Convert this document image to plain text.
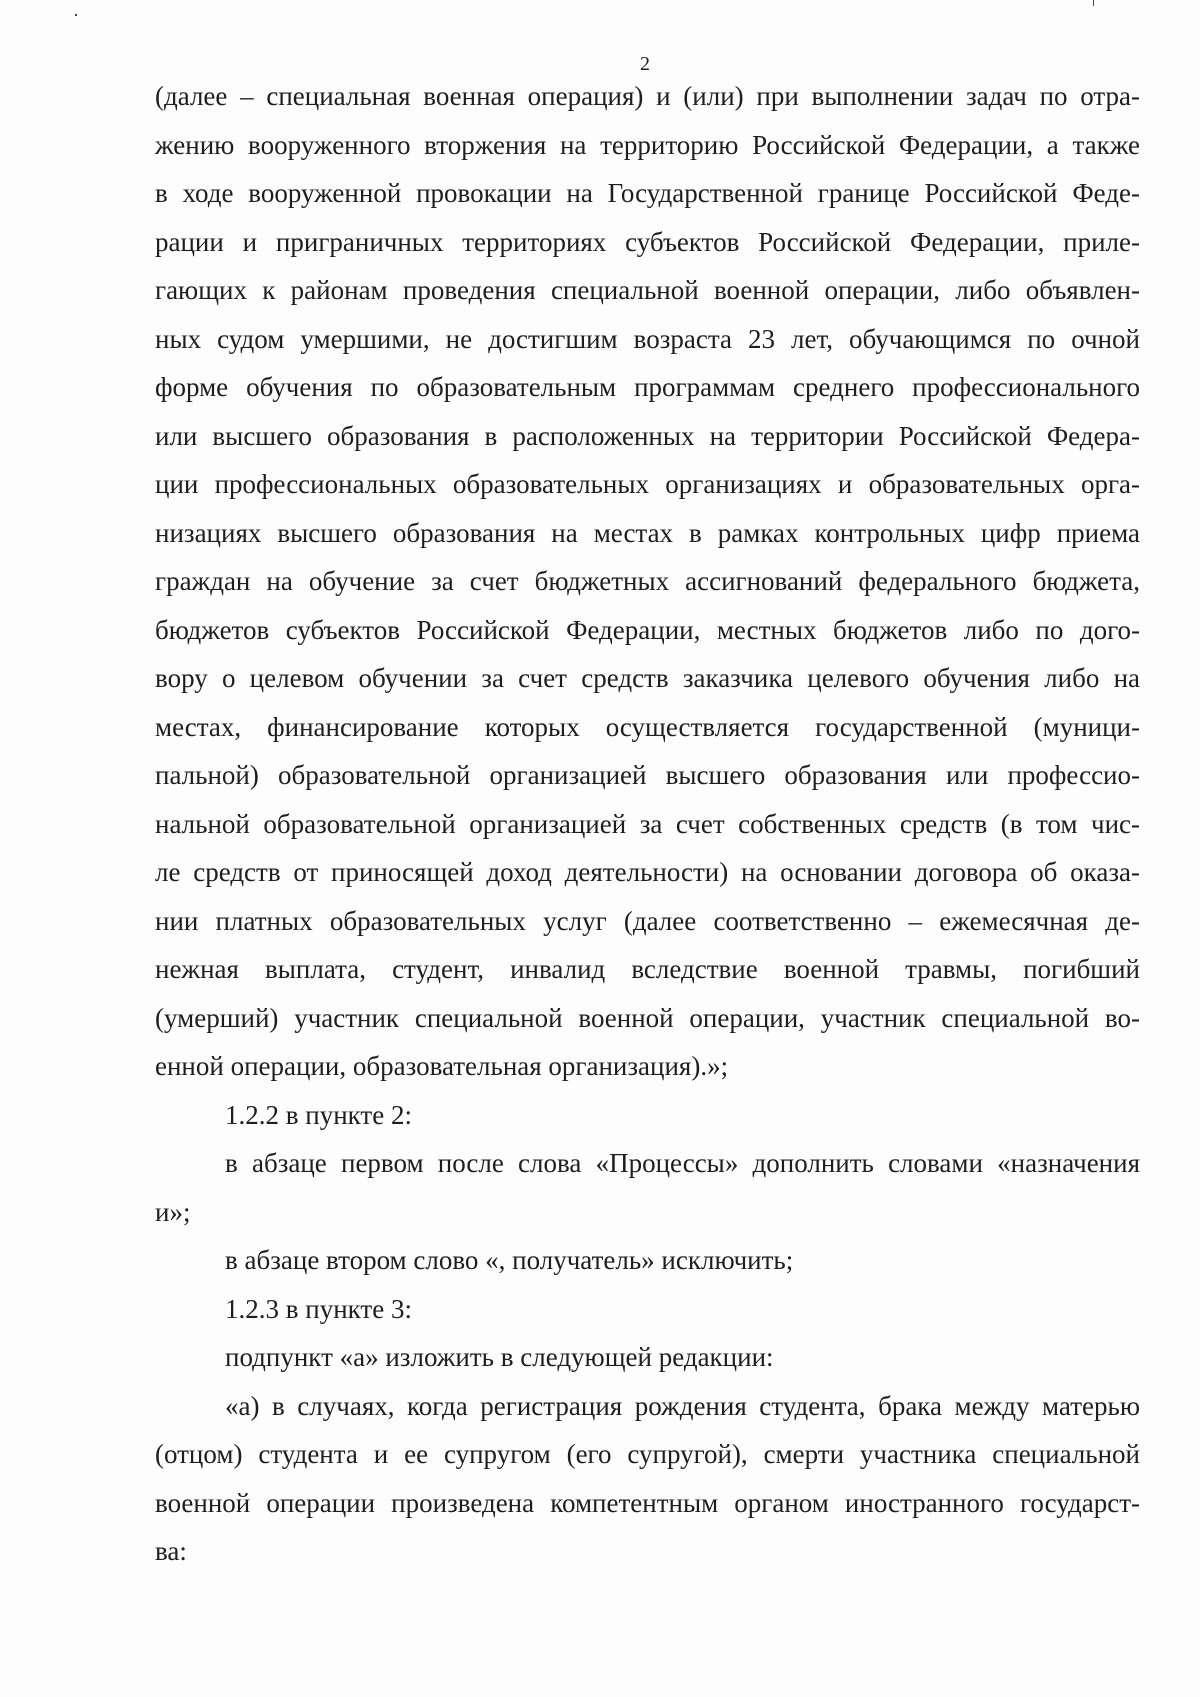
2

(далее – специальная военная операция) и (или) при выполнении задач по отра-
жению вооруженного вторжения на территорию Российской Федерации, а также
в ходе вооруженной провокации на Государственной границе Российской Феде-
рации и приграничных территориях субъектов Российской Федерации, приле-
гающих к районам проведения специальной военной операции, либо объявлен-
ных судом умершими, не достигшим возраста 23 лет, обучающимся по очной
форме обучения по образовательным программам среднего профессионального
или высшего образования в расположенных на территории Российской Федера-
ции профессиональных образовательных организациях и образовательных орга-
низациях высшего образования на местах в рамках контрольных цифр приема
граждан на обучение за счет бюджетных ассигнований федерального бюджета,
бюджетов субъектов Российской Федерации, местных бюджетов либо по дого-
вору о целевом обучении за счет средств заказчика целевого обучения либо на
местах, финансирование которых осуществляется государственной (муници-
пальной) образовательной организацией высшего образования или профессио-
нальной образовательной организацией за счет собственных средств (в том чис-
ле средств от приносящей доход деятельности) на основании договора об оказа-
нии платных образовательных услуг (далее соответственно – ежемесячная де-
нежная выплата, студент, инвалид вследствие военной травмы, погибший
(умерший) участник специальной военной операции, участник специальной во-
енной операции, образовательная организация).»;

1.2.2 в пункте 2:

в абзаце первом после слова «Процессы» дополнить словами «назначения
и»;

в абзаце втором слово «, получатель» исключить;

1.2.3 в пункте 3:

подпункт «а» изложить в следующей редакции:

«а) в случаях, когда регистрация рождения студента, брака между матерью
(отцом) студента и ее супругом (его супругой), смерти участника специальной
военной операции произведена компетентным органом иностранного государст-
ва:
